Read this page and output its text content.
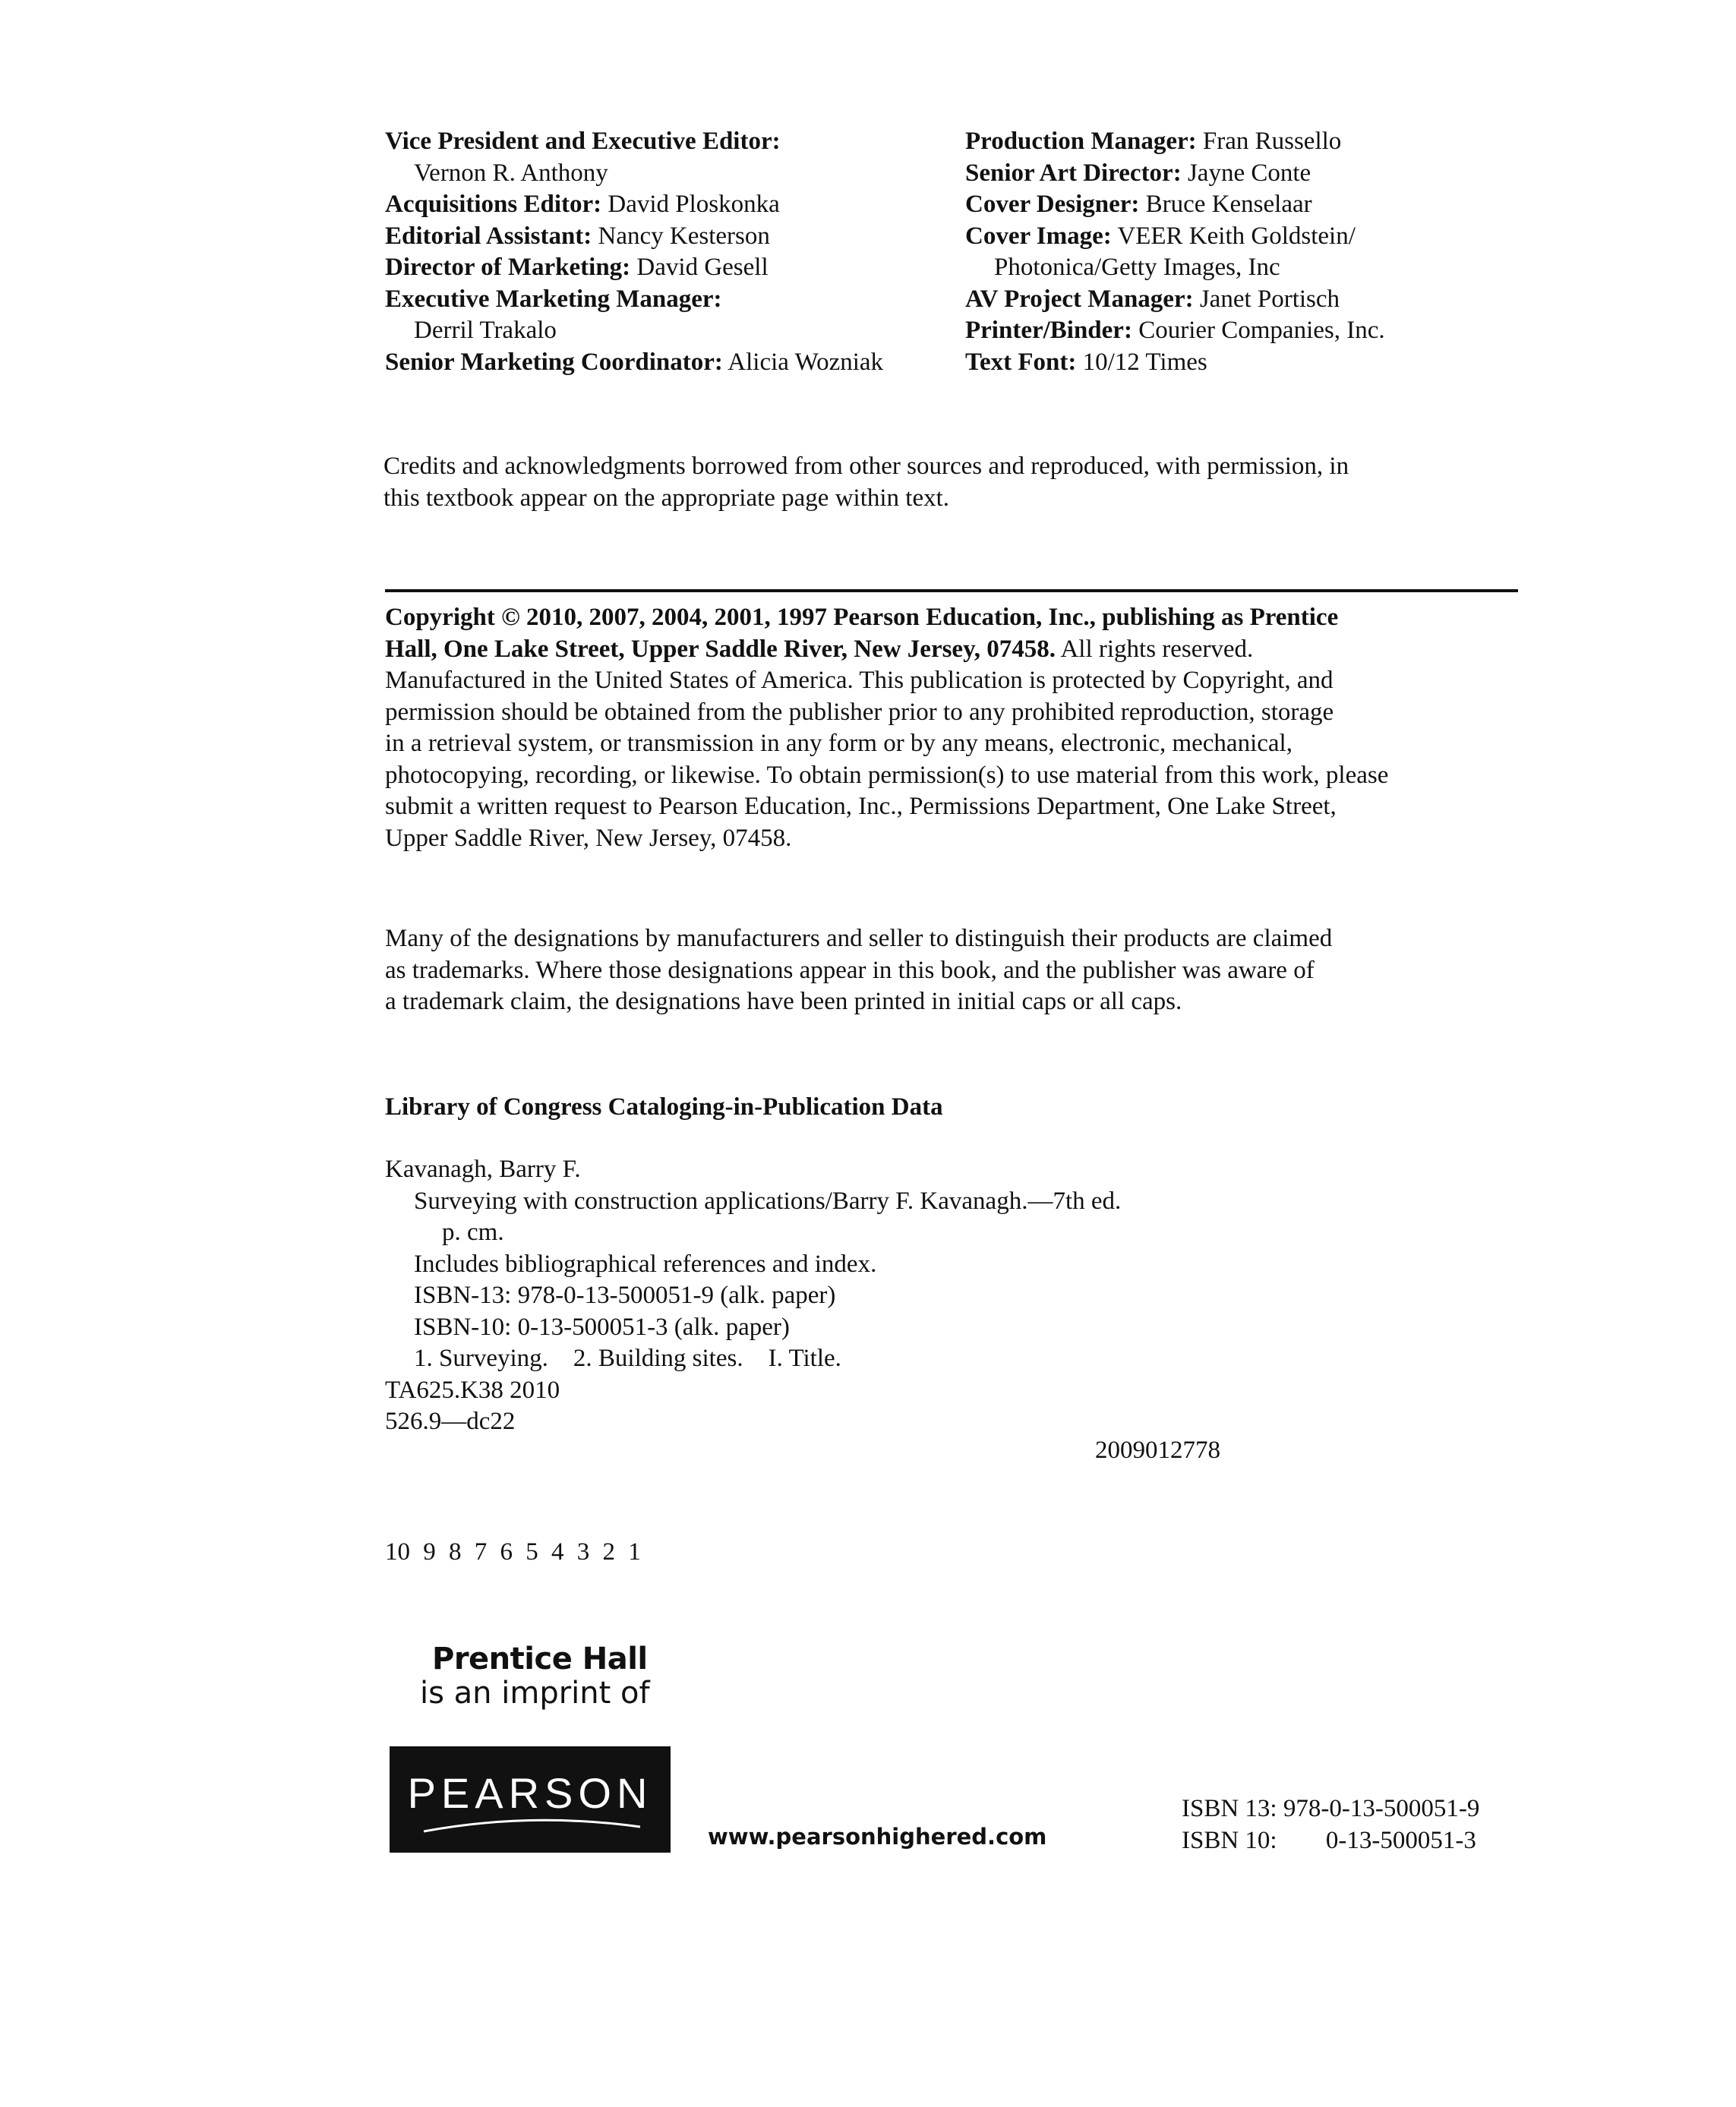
Vice President and Executive Editor:
Vernon R. Anthony
Acquisitions Editor: David Ploskonka
Editorial Assistant: Nancy Kesterson
Director of Marketing: David Gesell
Executive Marketing Manager:
Derril Trakalo
Senior Marketing Coordinator: Alicia Wozniak
Production Manager: Fran Russello
Senior Art Director: Jayne Conte
Cover Designer: Bruce Kenselaar
Cover Image: VEER Keith Goldstein/
Photonica/Getty Images, Inc
AV Project Manager: Janet Portisch
Printer/Binder: Courier Companies, Inc.
Text Font: 10/12 Times
Credits and acknowledgments borrowed from other sources and reproduced, with permission, in
this textbook appear on the appropriate page within text.
Copyright © 2010, 2007, 2004, 2001, 1997 Pearson Education, Inc., publishing as Prentice
Hall, One Lake Street, Upper Saddle River, New Jersey, 07458. All rights reserved.
Manufactured in the United States of America. This publication is protected by Copyright, and
permission should be obtained from the publisher prior to any prohibited reproduction, storage
in a retrieval system, or transmission in any form or by any means, electronic, mechanical,
photocopying, recording, or likewise. To obtain permission(s) to use material from this work, please
submit a written request to Pearson Education, Inc., Permissions Department, One Lake Street,
Upper Saddle River, New Jersey, 07458.
Many of the designations by manufacturers and seller to distinguish their products are claimed
as trademarks. Where those designations appear in this book, and the publisher was aware of
a trademark claim, the designations have been printed in initial caps or all caps.
Library of Congress Cataloging-in-Publication Data
Kavanagh, Barry F.
Surveying with construction applications/Barry F. Kavanagh.—7th ed.
p. cm.
Includes bibliographical references and index.
ISBN-13: 978-0-13-500051-9 (alk. paper)
ISBN-10: 0-13-500051-3 (alk. paper)
1. Surveying.    2. Building sites.    I. Title.
TA625.K38 2010
526.9—dc22
2009012778
10 9 8 7 6 5 4 3 2 1
Prentice Hall
is an imprint of
PEARSON
www.pearsonhighered.com
ISBN 13: 978-0-13-500051-9
ISBN 10: 0-13-500051-3
